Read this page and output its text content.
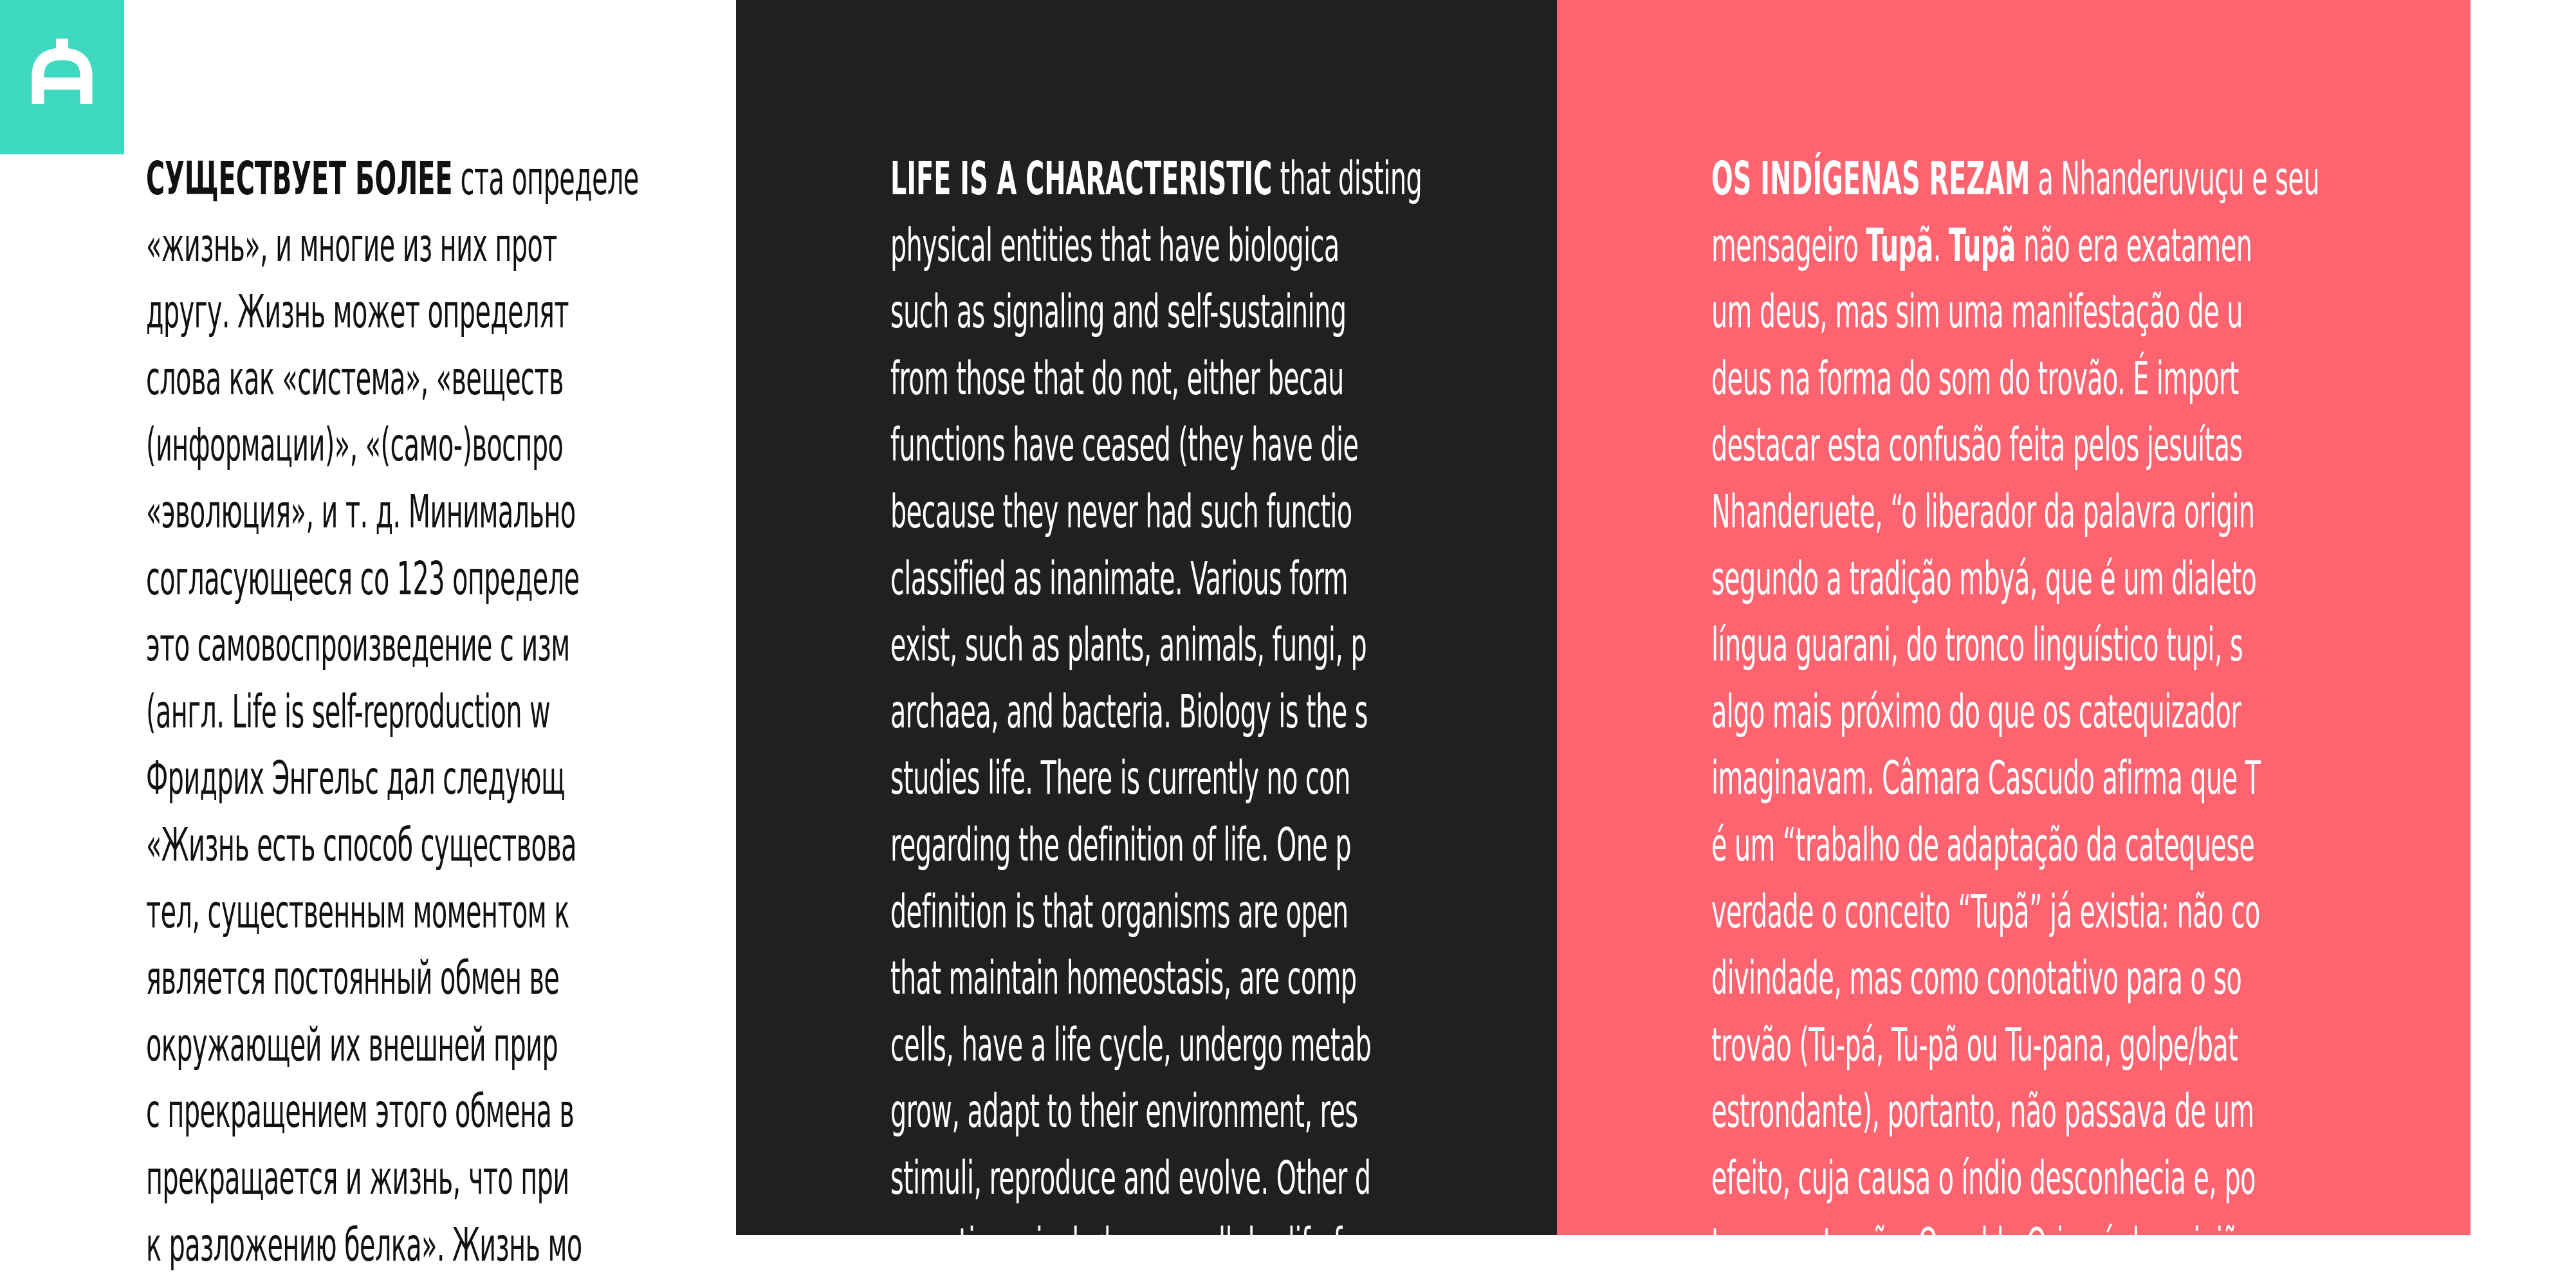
СУЩЕСТВУЕТ БОЛЕЕ ста определе
«жизнь», и многие из них прот
другу. Жизнь может определят
слова как «система», «веществ
(информации)», «(само-)воспро
«эволюция», и т. д. Минимальнo
согласующееся со 123 определе
это самовоспроизведение с изм
(англ. Life is self-reproduction w
Фридрих Энгельс дал следующ
«Жизнь есть способ существова
тел, существенным моментом к
является постоянный обмен ве
окружающей их внешней прир
с прекращением этого обмена в
прекращается и жизнь, что при
к разложению белка». Жизнь мо

LIFE IS A CHARACTERISTIC that disting
physical entities that have biologica
such as signaling and self-sustaining
from those that do not, either becau
functions have ceased (they have die
because they never had such functio
classified as inanimate. Various form
exist, such as plants, animals, fungi, p
archaea, and bacteria. Biology is the s
studies life. There is currently no con
regarding the definition of life. One p
definition is that organisms are open
that maintain homeostasis, are comp
cells, have a life cycle, undergo metab
grow, adapt to their environment, res
stimuli, reproduce and evolve. Other d
sometimes include non-cellular life f

OS INDÍGENAS REZAM a Nhanderuvuçu e seu
mensageiro Tupã. Tupã não era exatamen
um deus, mas sim uma manifestação de u
deus na forma do som do trovão. É import
destacar esta confusão feita pelos jesuítas
Nhanderuete, “o liberador da palavra origin
segundo a tradição mbyá, que é um dialeto
língua guarani, do tronco linguístico tupi, s
algo mais próximo do que os catequizador
imaginavam. Câmara Cascudo afirma que T
é um “trabalho de adaptação da catequese
verdade o conceito “Tupã” já existia: não co
divindade, mas como conotativo para o so
trovão (Tu-pá, Tu-pã ou Tu-pana, golpe/bat
estrondante), portanto, não passava de um
efeito, cuja causa o índio desconhecia e, po
temeu o trovão. Osvaldo Orico é da opiniã
